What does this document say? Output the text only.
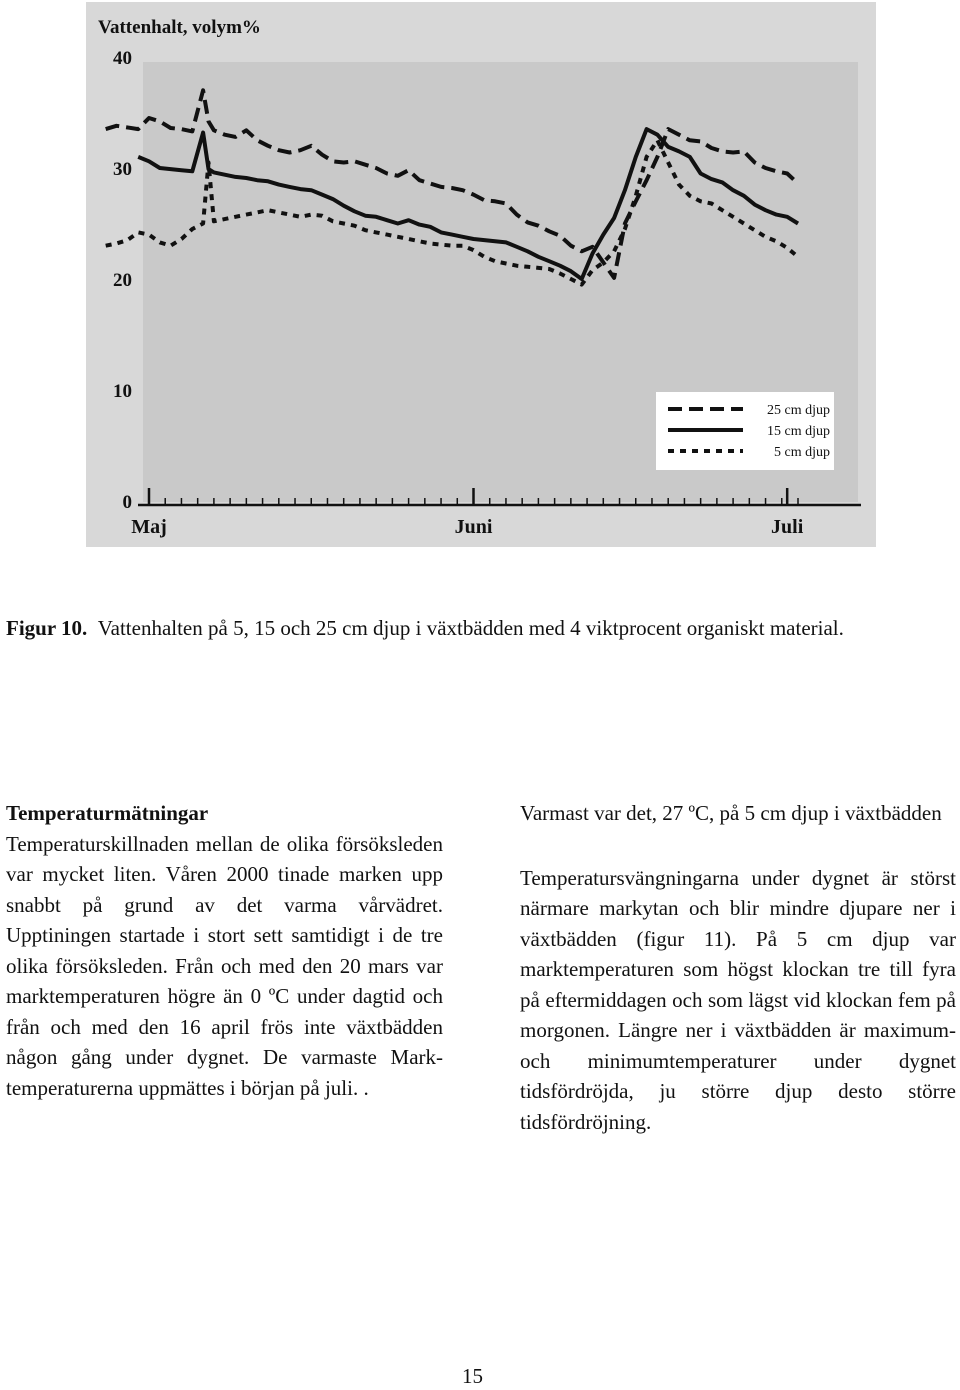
Vattenhalt, volym%
0
10
20
30
40
Maj	Juni	Juli
25 cm djup
15 cm djup
5 cm djup
Figur 10. Vattenhalten på 5, 15 och 25 cm djup i växtbädden med 4 viktprocent organiskt material.

Temperaturmätningar

Temperaturskillnaden mellan de olika försöksleden var mycket liten. Våren 2000 tinade marken upp snabbt på grund av det varma vårvädret. Upptiningen startade i stort sett samtidigt i de tre olika försöksleden. Från och med den 20 mars var marktemperaturen högre än 0 ºC under dagtid och från och med den 16 april frös inte växtbädden någon gång under dygnet. De varmaste Mark-temperaturerna uppmättes i början på juli. .

Varmast var det, 27 ºC, på 5 cm djup i växtbädden

Temperatursvängningarna under dygnet är störst närmare markytan och blir mindre djupare ner i växtbädden (figur 11). På 5 cm djup var marktemperaturen som högst klockan tre till fyra på eftermiddagen och som lägst vid klockan fem på morgonen. Längre ner i växtbädden är maximum- och minimumtemperaturer under dygnet tidsfördröjda, ju större djup desto större tidsfördröjning.

15
